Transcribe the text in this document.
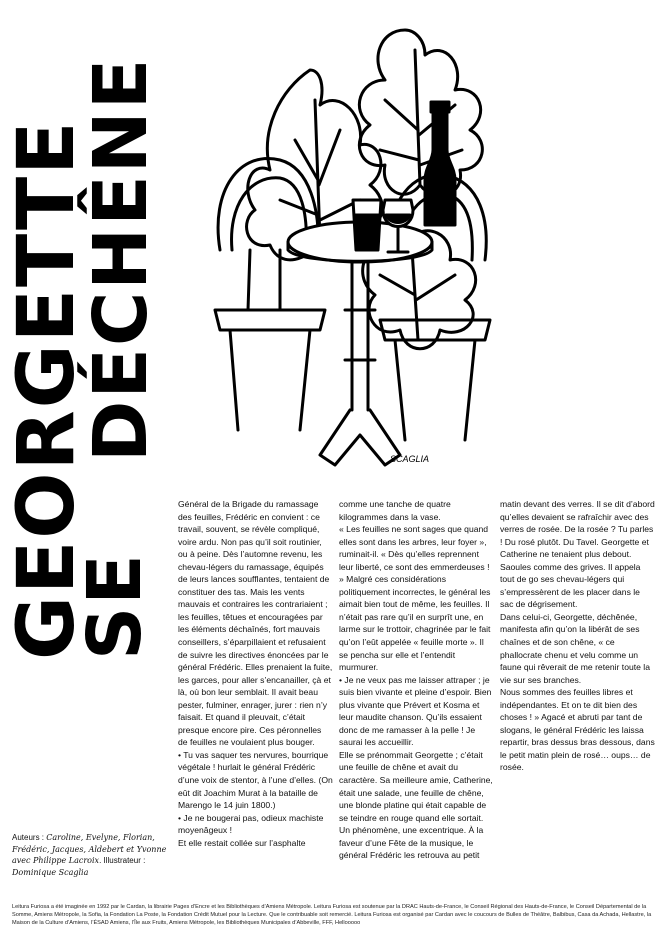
GEORGETTE
SE
DÉCHÊNE	SCAGLIA
Général de la Brigade du ramassage des feuilles, Frédéric en convient : ce travail, souvent, se révèle compliqué, voire ardu. Non pas qu’il soit routinier, ou à peine. Dès l’automne revenu, les chevau-légers du ramassage, équipés de leurs lances soufflantes, tentaient de constituer des tas. Mais les vents mauvais et contraires les contrariaient ; les feuilles, têtues et encouragées par les éléments déchaînés, fort mauvais conseillers, s’éparpillaient et refusaient de suivre les directives énoncées par le général Frédéric. Elles prenaient la fuite, les garces, pour aller s’encanailler, çà et là, où bon leur semblait. Il avait beau pester, fulminer, enrager, jurer : rien n’y faisait. Et quand il pleuvait, c’était presque encore pire. Ces péronnelles de feuilles ne voulaient plus bouger.
• Tu vas saquer tes nervures, bourrique végétale ! hurlait le général Frédéric d’une voix de stentor, à l’une d’elles. (On eût dit Joachim Murat à la bataille de Marengo le 14 juin 1800.)
• Je ne bougerai pas, odieux machiste moyenâgeux !
Et elle restait collée sur l’asphalte
comme une tanche de quatre kilogrammes dans la vase.
« Les feuilles ne sont sages que quand elles sont dans les arbres, leur foyer », ruminait-il. « Dès qu’elles reprennent leur liberté, ce sont des emmerdeuses ! » Malgré ces considérations politiquement incorrectes, le général les aimait bien tout de même, les feuilles. Il n’était pas rare qu’il en surprît une, en larme sur le trottoir, chagrinée par le fait qu’on l’eût appelée « feuille morte ». Il se pencha sur elle et l’entendit murmurer.
• Je ne veux pas me laisser attraper ; je suis bien vivante et pleine d’espoir. Bien plus vivante que Prévert et Kosma et leur maudite chanson. Qu’ils essaient donc de me ramasser à la pelle ! Je saurai les accueillir.
Elle se prénommait Georgette ; c’était une feuille de chêne et avait du caractère. Sa meilleure amie, Catherine, était une salade, une feuille de chêne, une blonde platine qui était capable de se teindre en rouge quand elle sortait. Un phénomène, une excentrique. À la faveur d’une Fête de la musique, le général Frédéric les retrouva au petit
matin devant des verres. Il se dit d’abord qu’elles devaient se rafraîchir avec des verres de rosée. De la rosée ? Tu parles ! Du rosé plutôt. Du Tavel. Georgette et Catherine ne tenaient plus debout.
Saoules comme des grives. Il appela tout de go ses chevau-légers qui s’empressèrent de les placer dans le sac de dégrisement.
Dans celui-ci, Georgette, déchênée, manifesta afin qu’on la libérât de ses chaînes et de son chêne, « ce phallocrate chenu et velu comme un faune qui rêverait de me retenir toute la vie sur ses branches.
Nous sommes des feuilles libres et indépendantes. Et on te dit bien des choses ! » Agacé et abruti par tant de slogans, le général Frédéric les laissa repartir, bras dessus bras dessous, dans le petit matin plein de rosé… oups… de rosée.
Auteurs : Caroline, Evelyne, Florian, Frédéric, Jacques, Aldebert et Yvonne avec Philippe Lacroix. Illustrateur : Dominique Scaglia
Leitura Furiosa a été imaginée en 1992 par le Cardan, la librairie Pages d’Encre et les Bibliothèques d’Amiens Métropole. Leitura Furiosa est soutenue par la DRAC Hauts-de-France, le Conseil Régional des Hauts-de-France, le Conseil Départemental de la Somme, Amiens Métropole, la Sofia, la Fondation La Poste, la Fondation Crédit Mutuel pour la Lecture. Que le contribuable soit remercié. Leitura Furiosa est organisé par Cardan avec le coucours de Bulles de Théâtre, Balbibus, Casa da Achada, Hellastre, la Maison de la Culture d’Amiens, l’ÉSAD Amiens, l’Île aux Fruits, Amiens Métropole, les Bibliothèques Municipales d’Abbeville, FFF, Hellooooo
